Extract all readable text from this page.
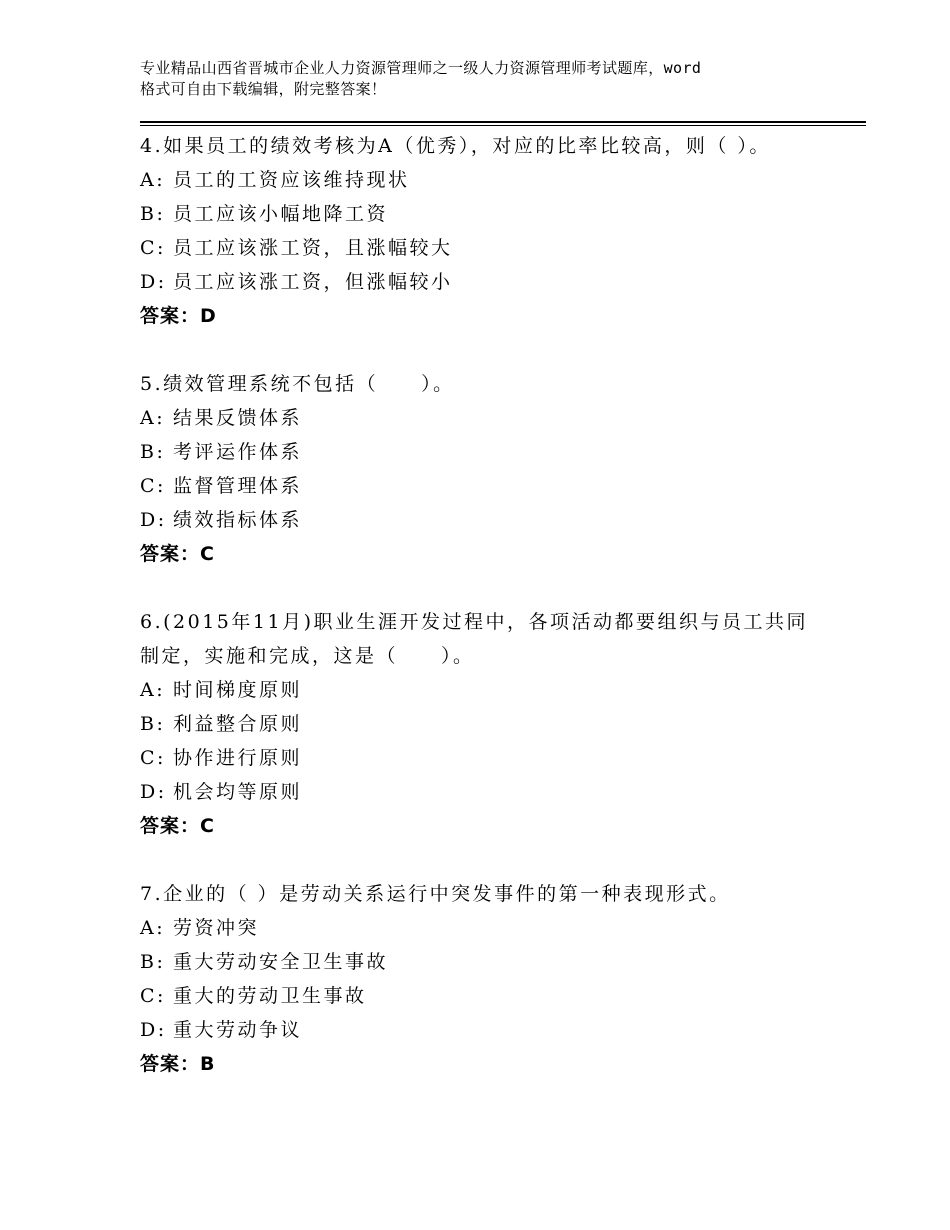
专业精品山西省晋城市企业人力资源管理师之一级人力资源管理师考试题库，word
格式可自由下载编辑，附完整答案！
4.如果员工的绩效考核为A（优秀），对应的比率比较高，则（ ）。
A: 员工的工资应该维持现状
B: 员工应该小幅地降工资
C: 员工应该涨工资，且涨幅较大
D: 员工应该涨工资，但涨幅较小
答案：D
5.绩效管理系统不包括（　　）。
A: 结果反馈体系
B: 考评运作体系
C: 监督管理体系
D: 绩效指标体系
答案：C
6.(2015年11月)职业生涯开发过程中，各项活动都要组织与员工共同
制定，实施和完成，这是（　　）。
A: 时间梯度原则
B: 利益整合原则
C: 协作进行原则
D: 机会均等原则
答案：C
7.企业的（ ）是劳动关系运行中突发事件的第一种表现形式。
A: 劳资冲突
B: 重大劳动安全卫生事故
C: 重大的劳动卫生事故
D: 重大劳动争议
答案：B
